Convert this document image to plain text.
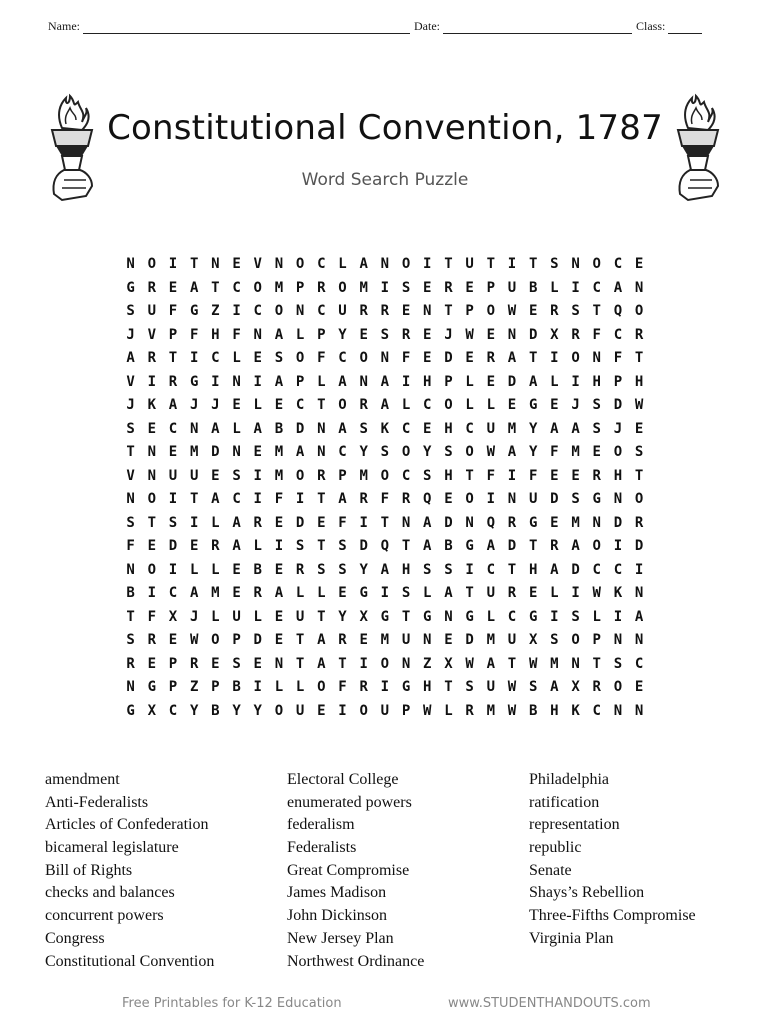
Name:	Date:	Class:
Constitutional Convention, 1787
Word Search Puzzle
N O I T N E V N O C L A N O I T U T I T S N O C E
G R E A T C O M P R O M I S E R E P U B L I C A N
S U F G Z I C O N C U R R E N T P O W E R S T Q O
J V P F H F N A L P Y E S R E J W E N D X R F C R
A R T I C L E S O F C O N F E D E R A T I O N F T
V I R G I N I A P L A N A I H P L E D A L I H P H
J K A J J E L E C T O R A L C O L L E G E J S D W
S E C N A L A B D N A S K C E H C U M Y A A S J E
T N E M D N E M A N C Y S O Y S O W A Y F M E O S
V N U U E S I M O R P M O C S H T F I F E E R H T
N O I T A C I F I T A R F R Q E O I N U D S G N O
S T S I L A R E D E F I T N A D N Q R G E M N D R
F E D E R A L I S T S D Q T A B G A D T R A O I D
N O I L L E B E R S S Y A H S S I C T H A D C C I
B I C A M E R A L L E G I S L A T U R E L I W K N
T F X J L U L E U T Y X G T G N G L C G I S L I A
S R E W O P D E T A R E M U N E D M U X S O P N N
R E P R E S E N T A T I O N Z X W A T W M N T S C
N G P Z P B I L L O F R I G H T S U W S A X R O E
G X C Y B Y Y O U E I O U P W L R M W B H K C N N
amendment
Anti-Federalists
Articles of Confederation
bicameral legislature
Bill of Rights
checks and balances
concurrent powers
Congress
Constitutional Convention
Electoral College
enumerated powers
federalism
Federalists
Great Compromise
James Madison
John Dickinson
New Jersey Plan
Northwest Ordinance
Philadelphia
ratification
representation
republic
Senate
Shays’s Rebellion
Three-Fifths Compromise
Virginia Plan
Free Printables for K-12 Education	www.STUDENTHANDOUTS.com
